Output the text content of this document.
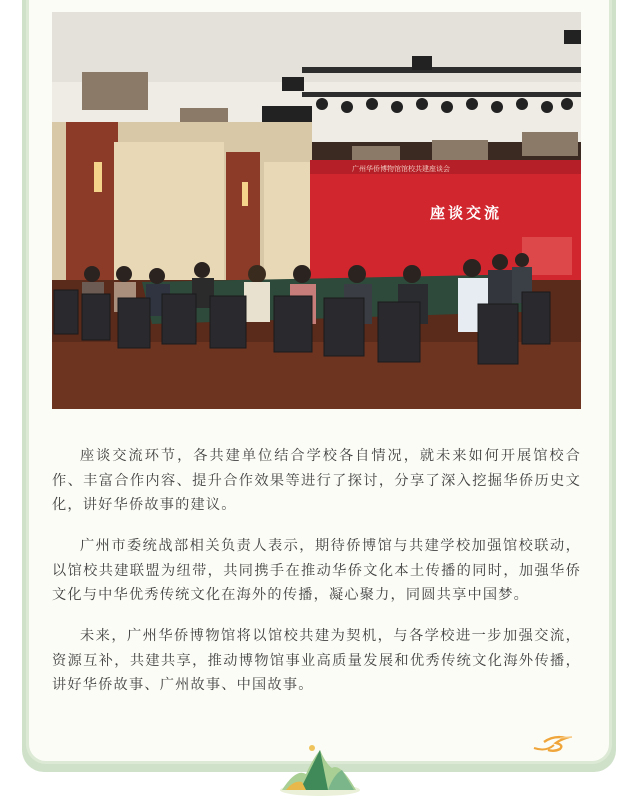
广州华侨博物馆馆校共建座谈会
座谈交流

座谈交流环节，各共建单位结合学校各自情况，就未来如何开展馆校合作、丰富合作内容、提升合作效果等进行了探讨，分享了深入挖掘华侨历史文化，讲好华侨故事的建议。

广州市委统战部相关负责人表示，期待侨博馆与共建学校加强馆校联动，以馆校共建联盟为纽带，共同携手在推动华侨文化本土传播的同时，加强华侨文化与中华优秀传统文化在海外的传播，凝心聚力，同圆共享中国梦。

未来，广州华侨博物馆将以馆校共建为契机，与各学校进一步加强交流，资源互补，共建共享，推动博物馆事业高质量发展和优秀传统文化海外传播，讲好华侨故事、广州故事、中国故事。
